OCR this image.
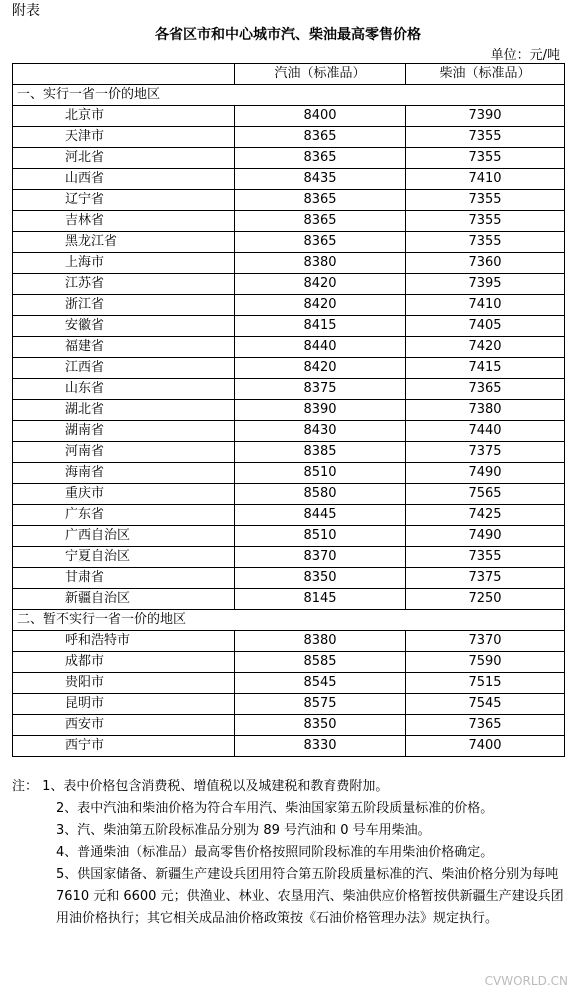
附表
各省区市和中心城市汽、柴油最高零售价格
单位：元/吨
	汽油（标准品）	柴油（标准品）
一、实行一省一价的地区		
北京市	8400	7390
天津市	8365	7355
河北省	8365	7355
山西省	8435	7410
辽宁省	8365	7355
吉林省	8365	7355
黑龙江省	8365	7355
上海市	8380	7360
江苏省	8420	7395
浙江省	8420	7410
安徽省	8415	7405
福建省	8440	7420
江西省	8420	7415
山东省	8375	7365
湖北省	8390	7380
湖南省	8430	7440
河南省	8385	7375
海南省	8510	7490
重庆市	8580	7565
广东省	8445	7425
广西自治区	8510	7490
宁夏自治区	8370	7355
甘肃省	8350	7375
新疆自治区	8145	7250
二、暂不实行一省一价的地区		
呼和浩特市	8380	7370
成都市	8585	7590
贵阳市	8545	7515
昆明市	8575	7545
西安市	8350	7365
西宁市	8330	7400

注： 1、表中价格包含消费税、增值税以及城建税和教育费附加。

2、表中汽油和柴油价格为符合车用汽、柴油国家第五阶段质量标准的价格。

3、汽、柴油第五阶段标准品分别为 89 号汽油和 0 号车用柴油。

4、普通柴油（标准品）最高零售价格按照同阶段标准的车用柴油价格确定。

5、供国家储备、新疆生产建设兵团用符合第五阶段质量标准的汽、柴油价格分别为每吨 7610 元和 6600 元；供渔业、林业、农垦用汽、柴油供应价格暂按供新疆生产建设兵团用油价格执行；其它相关成品油价格政策按《石油价格管理办法》规定执行。

CVWORLD.CN
